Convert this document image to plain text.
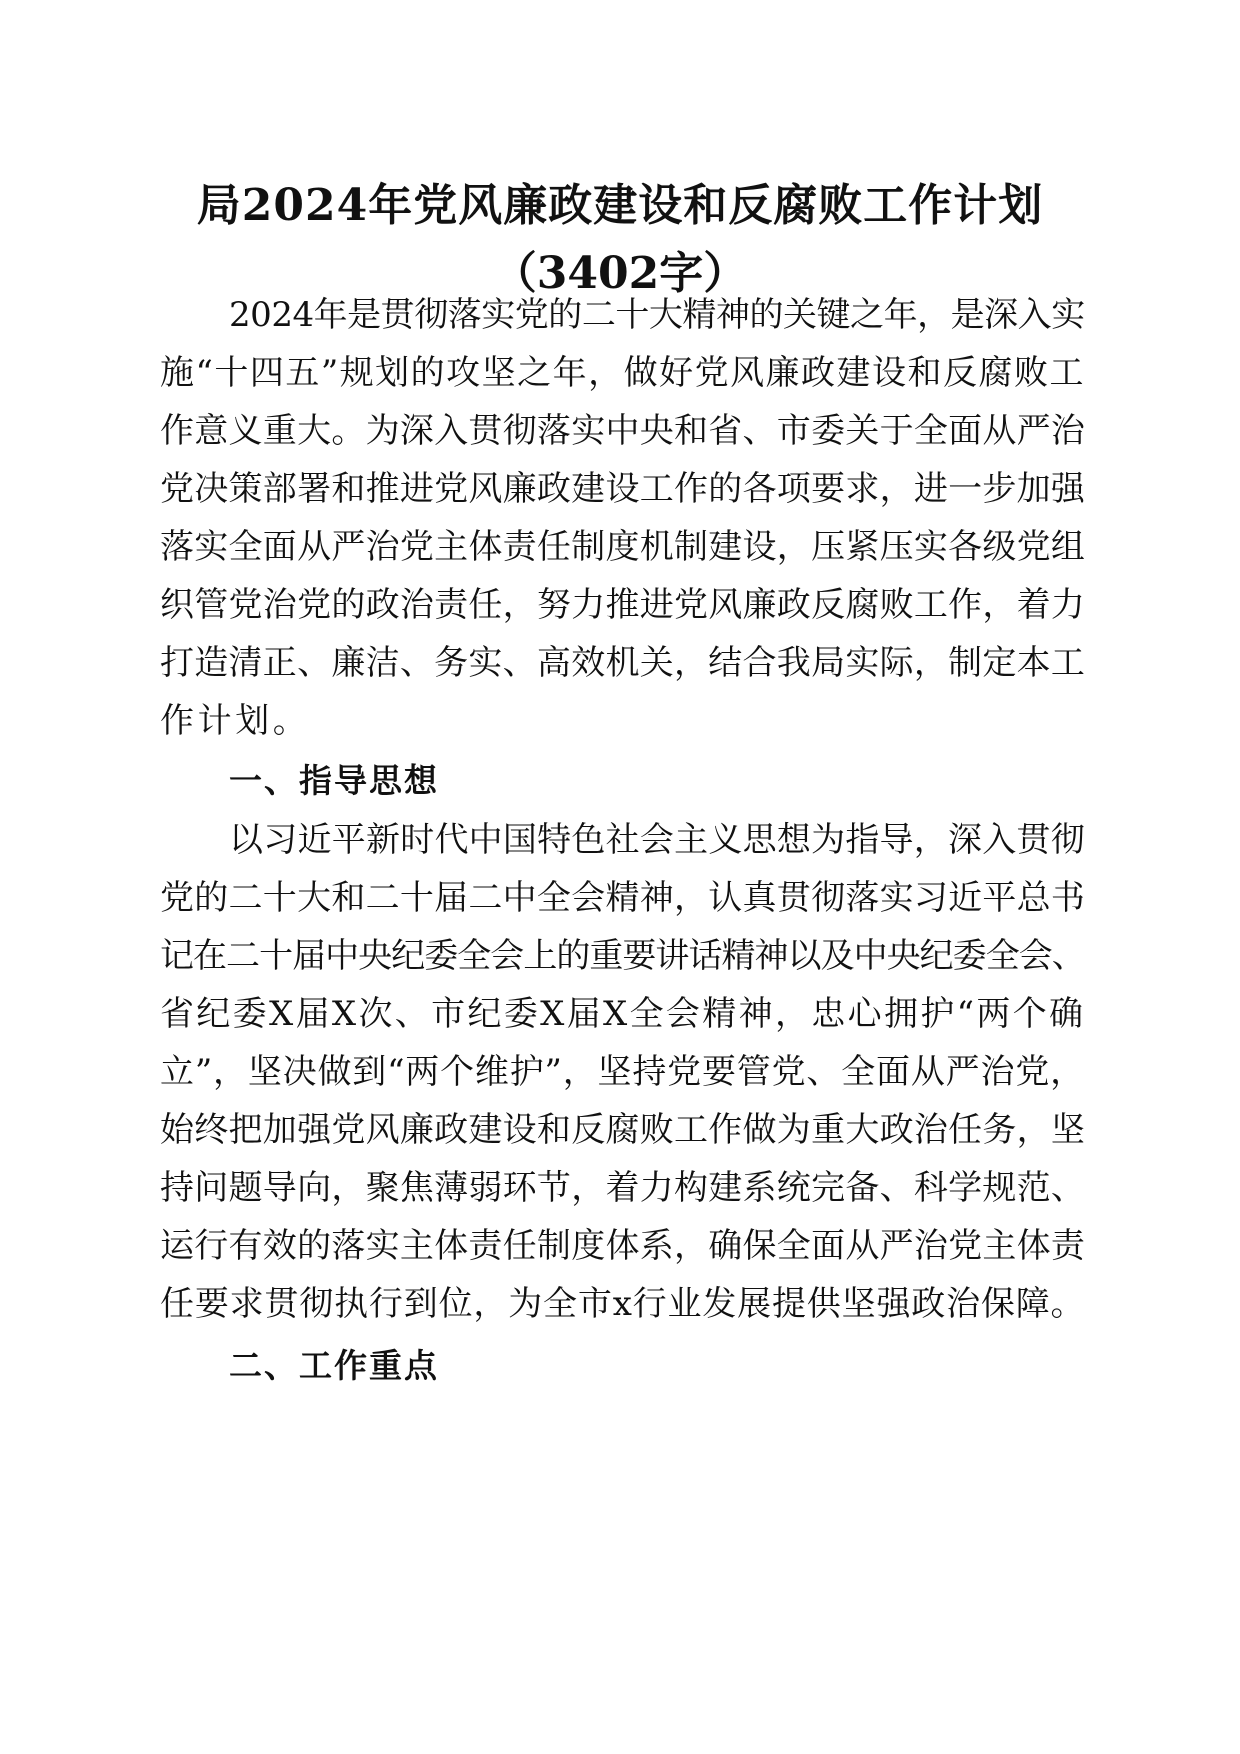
局2024年党风廉政建设和反腐败工作计划
（3402字）

2024年是贯彻落实党的二十大精神的关键之年，是深入实

施“十四五”规划的攻坚之年，做好党风廉政建设和反腐败工

作意义重大。为深入贯彻落实中央和省、市委关于全面从严治

党决策部署和推进党风廉政建设工作的各项要求，进一步加强

落实全面从严治党主体责任制度机制建设，压紧压实各级党组

织管党治党的政治责任，努力推进党风廉政反腐败工作，着力

打造清正、廉洁、务实、高效机关，结合我局实际，制定本工

作计划。

一、指导思想

以习近平新时代中国特色社会主义思想为指导，深入贯彻

党的二十大和二十届二中全会精神，认真贯彻落实习近平总书

记在二十届中央纪委全会上的重要讲话精神以及中央纪委全会、

省纪委X届X次、市纪委X届X全会精神，忠心拥护“两个确

立”，坚决做到“两个维护”，坚持党要管党、全面从严治党，

始终把加强党风廉政建设和反腐败工作做为重大政治任务，坚

持问题导向，聚焦薄弱环节，着力构建系统完备、科学规范、

运行有效的落实主体责任制度体系，确保全面从严治党主体责

任要求贯彻执行到位，为全市x行业发展提供坚强政治保障。

二、工作重点
